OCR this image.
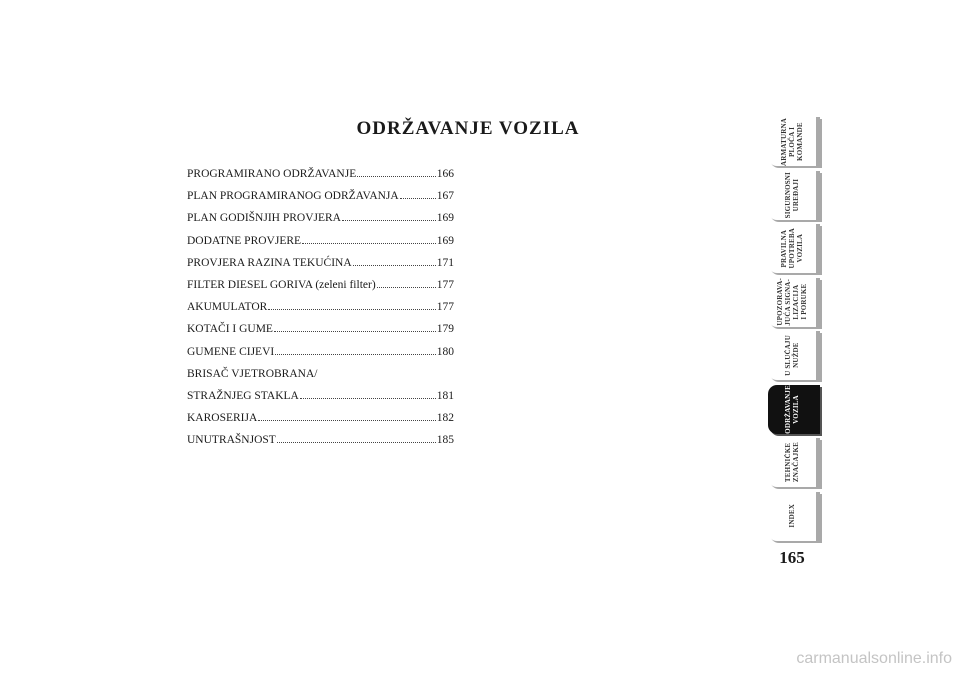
ODRŽAVANJE VOZILA
PROGRAMIRANO ODRŽAVANJE	166
PLAN PROGRAMIRANOG ODRŽAVANJA	167
PLAN GODIŠNJIH PROVJERA	169
DODATNE PROVJERE	169
PROVJERA RAZINA TEKUĆINA	171
FILTER DIESEL GORIVA (zeleni filter)	177
AKUMULATOR	177
KOTAČI I GUME	179
GUMENE CIJEVI	180
BRISAČ VJETROBRANA/
STRAŽNJEG STAKLA	181
KAROSERIJA	182
UNUTRAŠNJOST	185
ARMATURNA
PLOČA I
KOMANDE
SIGURNOSNI
UREĐAJI
PRAVILNA
UPOTREBA
VOZILA
UPOZORAVA-
JUĆA SIGNA-
LIZACIJA
I PORUKE
U SLUČAJU
NUŽDE
ODRŽAVANJE
VOZILA
TEHNIČKE
ZNAČAJKE
INDEX
165
carmanualsonline.info
